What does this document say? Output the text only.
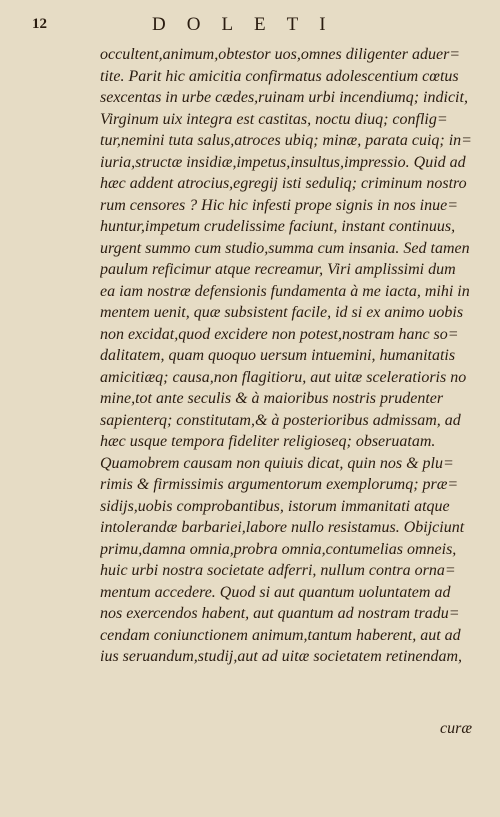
12	DOLETI
occultent,animum,obtestor uos,omnes diligenter aduer=
tite. Parit hic amicitia confirmatus adolescentium cœtus
sexcentas in urbe cædes,ruinam urbi incendiumq; indicit,
Virginum uix integra est castitas, noctu diuq; conflig=
tur,nemini tuta salus,atroces ubiq; minæ, parata cuiq; in=
iuria,structæ insidiæ,impetus,insultus,impressio. Quid ad
hæc addent atrocius,egregij isti seduliq; criminum nostro
rum censores ? Hic hic infesti prope signis in nos inue=
huntur,impetum crudelissime faciunt, instant continuus,
urgent summo cum studio,summa cum insania. Sed tamen
paulum reficimur atque recreamur, Viri amplissimi dum
ea iam nostræ defensionis fundamenta à me iacta, mihi in
mentem uenit, quæ subsistent facile, id si ex animo uobis
non excidat,quod excidere non potest,nostram hanc so=
dalitatem, quam quoquo uersum intuemini, humanitatis
amicitiæq; causa,non flagitioru, aut uitæ sceleratioris no
mine,tot ante seculis & à maioribus nostris prudenter
sapienterq; constitutam,& à posterioribus admissam, ad
hæc usque tempora fideliter religioseq; obseruatam.
Quamobrem causam non quiuis dicat, quin nos & plu=
rimis & firmissimis argumentorum exemplorumq; præ=
sidijs,uobis comprobantibus, istorum immanitati atque
intolerandæ barbariei,labore nullo resistamus. Obijciunt
primu,damna omnia,probra omnia,contumelias omneis,
huic urbi nostra societate adferri, nullum contra orna=
mentum accedere. Quod si aut quantum uoluntatem ad
nos exercendos habent, aut quantum ad nostram tradu=
cendam coniunctionem animum,tantum haberent, aut ad
ius seruandum,studij,aut ad uitæ societatem retinendam,
curæ
